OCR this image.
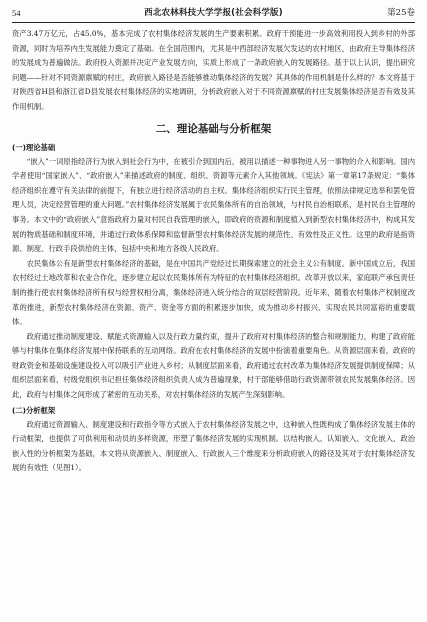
54	西北农林科技大学学报(社会科学版)	第25卷

资产3.47万亿元，占45.0%，基本完成了农村集体经济发展的生产要素积累。政府干预能进一步高效利用投入到乡村的外部资源，同时为培养内生发展能力奠定了基础。在全国范围内，尤其是中西部经济发展欠发达的农村地区，由政府主导集体经济的发展成为普遍做法。政府投入资源并决定产业发展方向，实质上形成了一条政府嵌入的发展路径。基于以上认识，提出研究问题——针对不同资源禀赋的村庄，政府嵌入路径是否能够推动集体经济的发展？其具体的作用机制是什么样的？本文将基于对陕西省H县和浙江省D县发展农村集体经济的实地调研，分析政府嵌入对于不同资源禀赋的村庄发展集体经济是否有效及其作用机制。

二、理论基础与分析框架
(一)理论基础

“嵌入”一词原指经济行为嵌入到社会行为中，在被引介到国内后，被用以描述一种事物进入另一事物的介入和影响。国内学者使用“国家嵌入”、“政府嵌入”来描述政府的制度、组织、资源等元素介入其他领域。《宪法》第一章第17条规定：“集体经济组织在遵守有关法律的前提下，有独立进行经济活动的自主权。集体经济组织实行民主管理，依照法律规定选举和罢免管理人员，决定经营管理的重大问题。”农村集体经济发展属于农民集体所有的自治领域，与村民自治相联系，是村民自主管理的事务。本文中的“政府嵌入”意指政府力量对村民自我管理的嵌入，即政府的资源和制度植入到新型农村集体经济中，构成其发展的物质基础和制度环境，并通过行政体系保障和监督新型农村集体经济发展的规范性、有效性及正义性。这里的政府是指资源、制度、行政手段供给的主体，包括中央和地方各级人民政府。

农民集体公有是新型农村集体经济的基础，是在中国共产党经过长期探索建立的社会主义公有制度。新中国成立后，我国农村经过土地改革和农业合作化，逐步建立起以农民集体所有为特征的农村集体经济组织。改革开放以来，家庭联产承包责任制的推行使农村集体经济所有权与经营权相分离，集体经济进入统分结合的双层经营阶段。近年来，随着农村集体产权制度改革的推进，新型农村集体经济在资源、资产、资金等方面的积累逐步加快，成为推动乡村振兴、实现农民共同富裕的重要载体。

政府通过推动制度建设、赋能式资源输入以及行政力量约束，提升了政府对村集体经济的整合和规制能力，构建了政府能够与村集体在集体经济发展中保持联系的互动网络。政府在农村集体经济的发展中扮演着重要角色。从资源层面来看，政府的财政资金和基础设施建设投入可以吸引产业进入乡村；从制度层面来看，政府通过农村改革为集体经济发展提供制度保障；从组织层面来看，村级党组织书记担任集体经济组织负责人成为普遍现象，村干部能够借助行政资源带领农民发展集体经济。因此，政府与村集体之间形成了紧密的互动关系，对农村集体经济的发展产生深刻影响。

(二)分析框架

政府通过资源输入、制度建设和行政指令等方式嵌入于农村集体经济发展之中，这种嵌入性既构成了集体经济发展主体的行动框架，也提供了可供利用和动员的多样资源，形塑了集体经济发展的实现机制。以结构嵌入、认知嵌入、文化嵌入、政治嵌入性的分析框架为基础，本文将从资源嵌入、制度嵌入、行政嵌入三个维度来分析政府嵌入的路径及其对于农村集体经济发展的有效性（见图1）。
